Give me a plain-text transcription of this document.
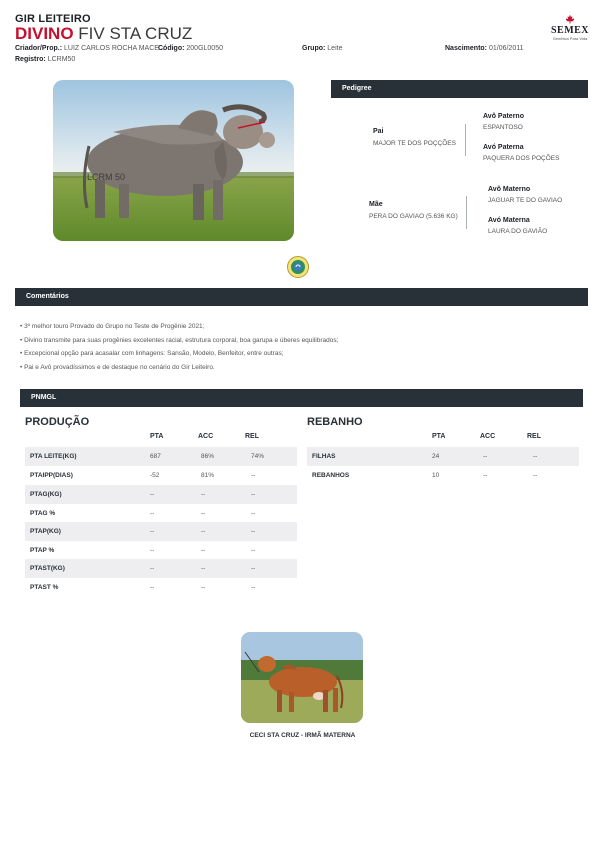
GIR LEITEIRO
DIVINO FIV STA CRUZ
Criador/Prop.: LUIZ CARLOS ROCHA MACE...
Código: 200GL0050	Grupo: Leite	Nascimento: 01/06/2011
Registro: LCRM50
SEMEX
Genética Para Vida
LCRM 50
Pedigree
Pai
MAJOR TE DOS POÇÇÕES
Avô Paterno
ESPANTOSO
Avó Paterna
PAQUERA DOS POÇÕES
Mãe
PERA DO GAVIAO (5.636 KG)
Avô Materno
JAGUAR TE DO GAVIAO
Avó Materna
LAURA DO GAVIÃO
Comentários
• 3º melhor touro Provado do Grupo no Teste de Progênie 2021;
• Divino transmite para suas progênies excelentes racial, estrutura corporal, boa garupa e úberes equilibrados;
• Excepcional opção para acasalar com linhagens: Sansão, Modelo, Benfeitor, entre outras;
• Pai e Avô provadíssimos e de destaque no cenário do Gir Leiteiro.
PNMGL
PRODUÇÃO
PTA	ACC	REL
PTA LEITE(KG)	687	86%	74%
PTAIPP(DIAS)	-52	81%	--
PTAG(KG)	--	--	--
PTAG %	--	--	--
PTAP(KG)	--	--	--
PTAP %	--	--	--
PTAST(KG)	--	--	--
PTAST %	--	--	--
REBANHO
PTA	ACC	REL
FILHAS	24	--	--
REBANHOS	10	--	--
CECI STA CRUZ - IRMÃ MATERNA
